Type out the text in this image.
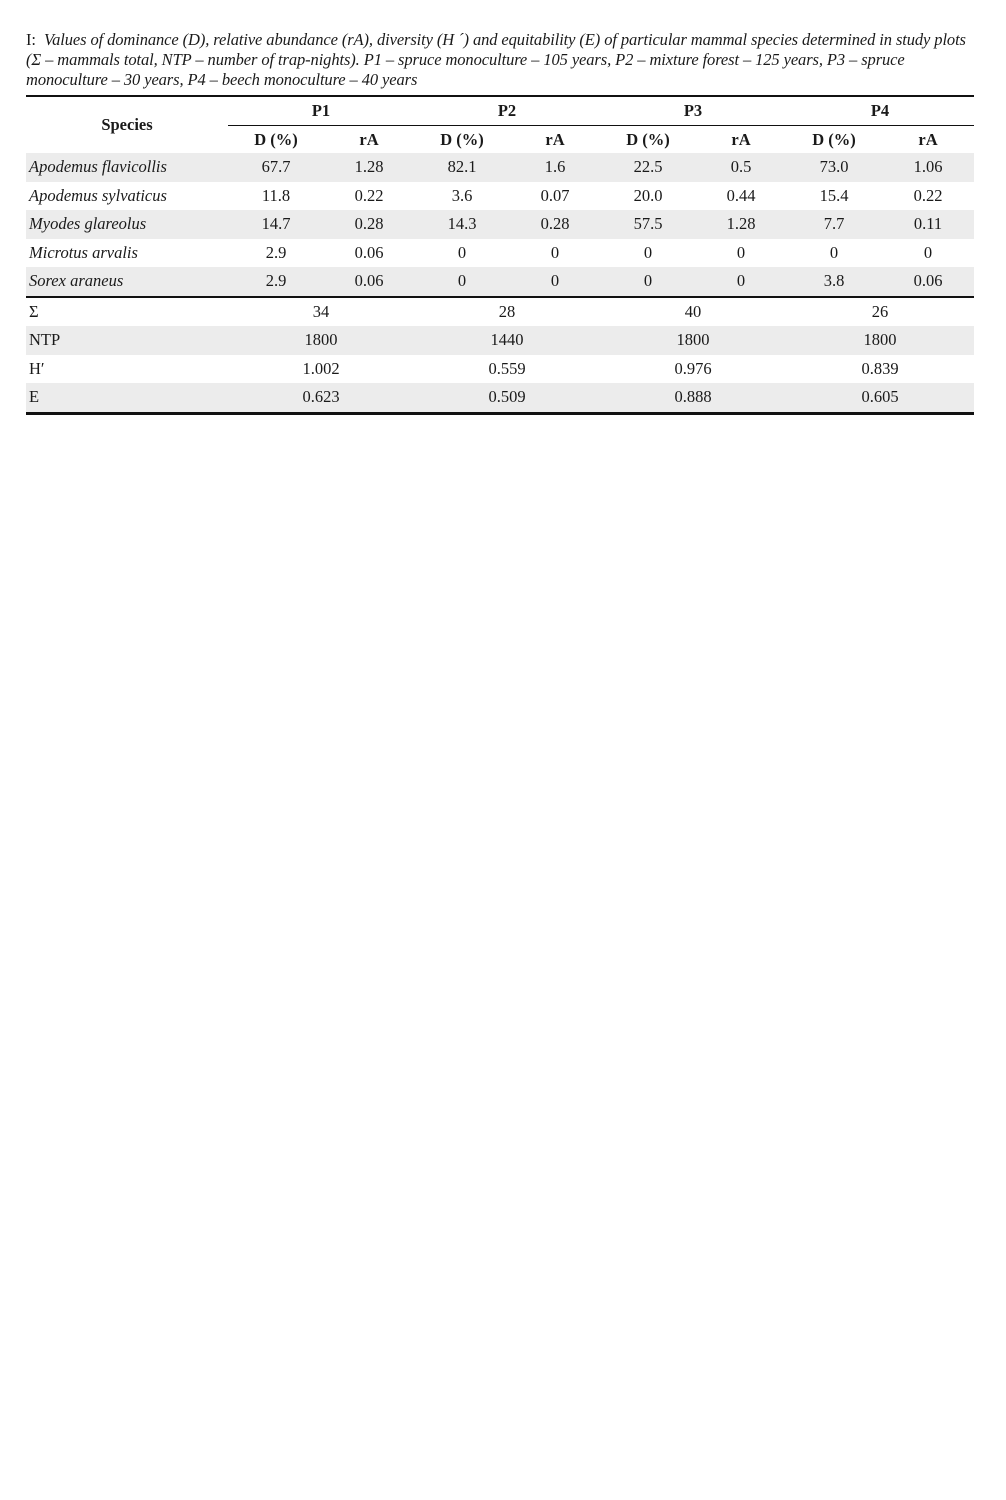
I: Values of dominance (D), relative abundance (rA), diversity (H ´) and equitability (E) of particular mammal species determined in study plots (Σ – mammals total, NTP – number of trap-nights). P1 – spruce monoculture – 105 years, P2 – mixture forest – 125 years, P3 – spruce monoculture – 30 years, P4 – beech monoculture – 40 years

Species	P1		P2		P3		P4	

	D (%)	rA	D (%)	rA	D (%)	rA	D (%)	rA
Apodemus flavicollis	67.7	1.28	82.1	1.6	22.5	0.5	73.0	1.06
Apodemus sylvaticus	11.8	0.22	3.6	0.07	20.0	0.44	15.4	0.22
Myodes glareolus	14.7	0.28	14.3	0.28	57.5	1.28	7.7	0.11
Microtus arvalis	2.9	0.06	0	0	0	0	0	0
Sorex araneus	2.9	0.06	0	0	0	0	3.8	0.06
Σ	34		28		40		26	
NTP	1800		1440		1800		1800	
H′	1.002		0.559		0.976		0.839	
E	0.623		0.509		0.888		0.605	
